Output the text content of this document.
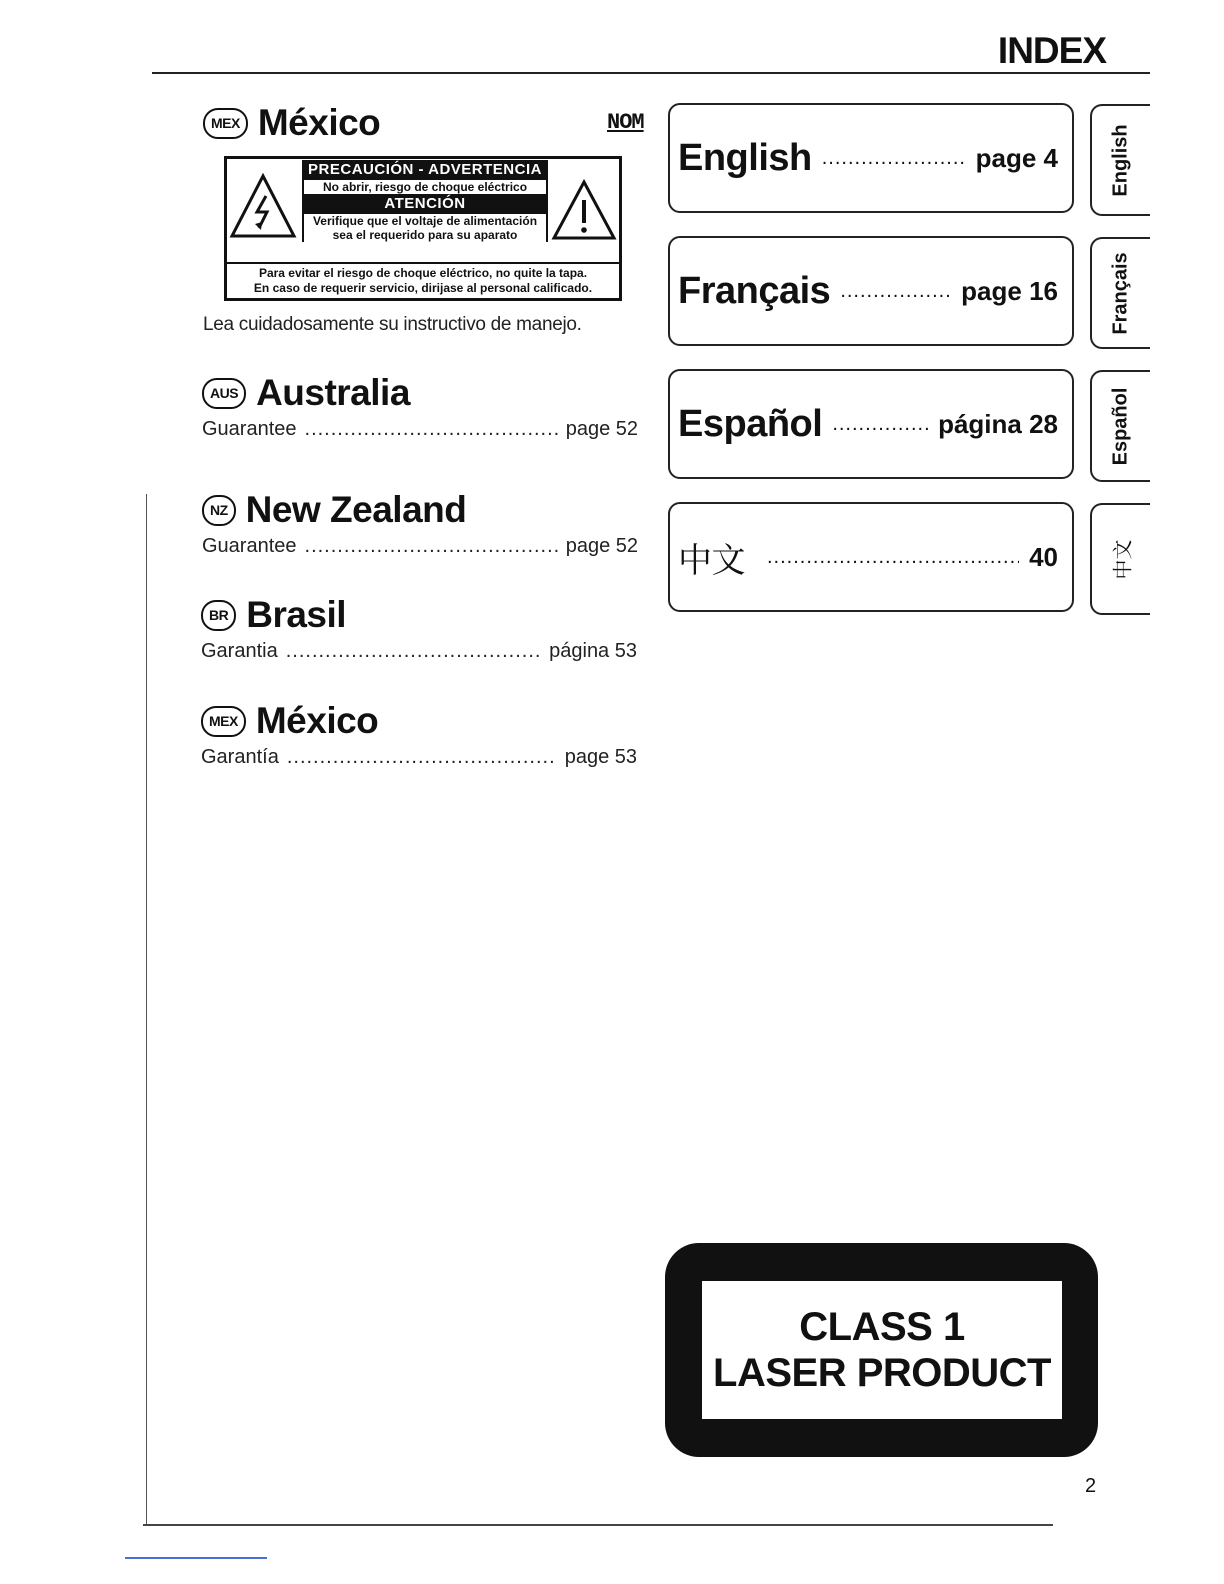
INDEX
MEX México	NOM
PRECAUCIÓN - ADVERTENCIA
No abrir, riesgo de choque eléctrico
ATENCIÓN
Verifique que el voltaje de alimentación
sea el requerido para su aparato
Para evitar el riesgo de choque eléctrico, no quite la tapa.
En caso de requerir servicio, dirijase al personal calificado.
Lea cuidadosamente su instructivo de manejo.
AUS Australia
Guarantee .....	page 52
NZ New Zealand
Guarantee .....	page 52
BR Brasil
Garantia .....	página 53
MEX México
Garantía .....	page 53
English .....	page 4
Français .....	page 16
Español .....	página 28
中文 .....	40
English
Français
Español
中文
CLASS 1
LASER PRODUCT
2
